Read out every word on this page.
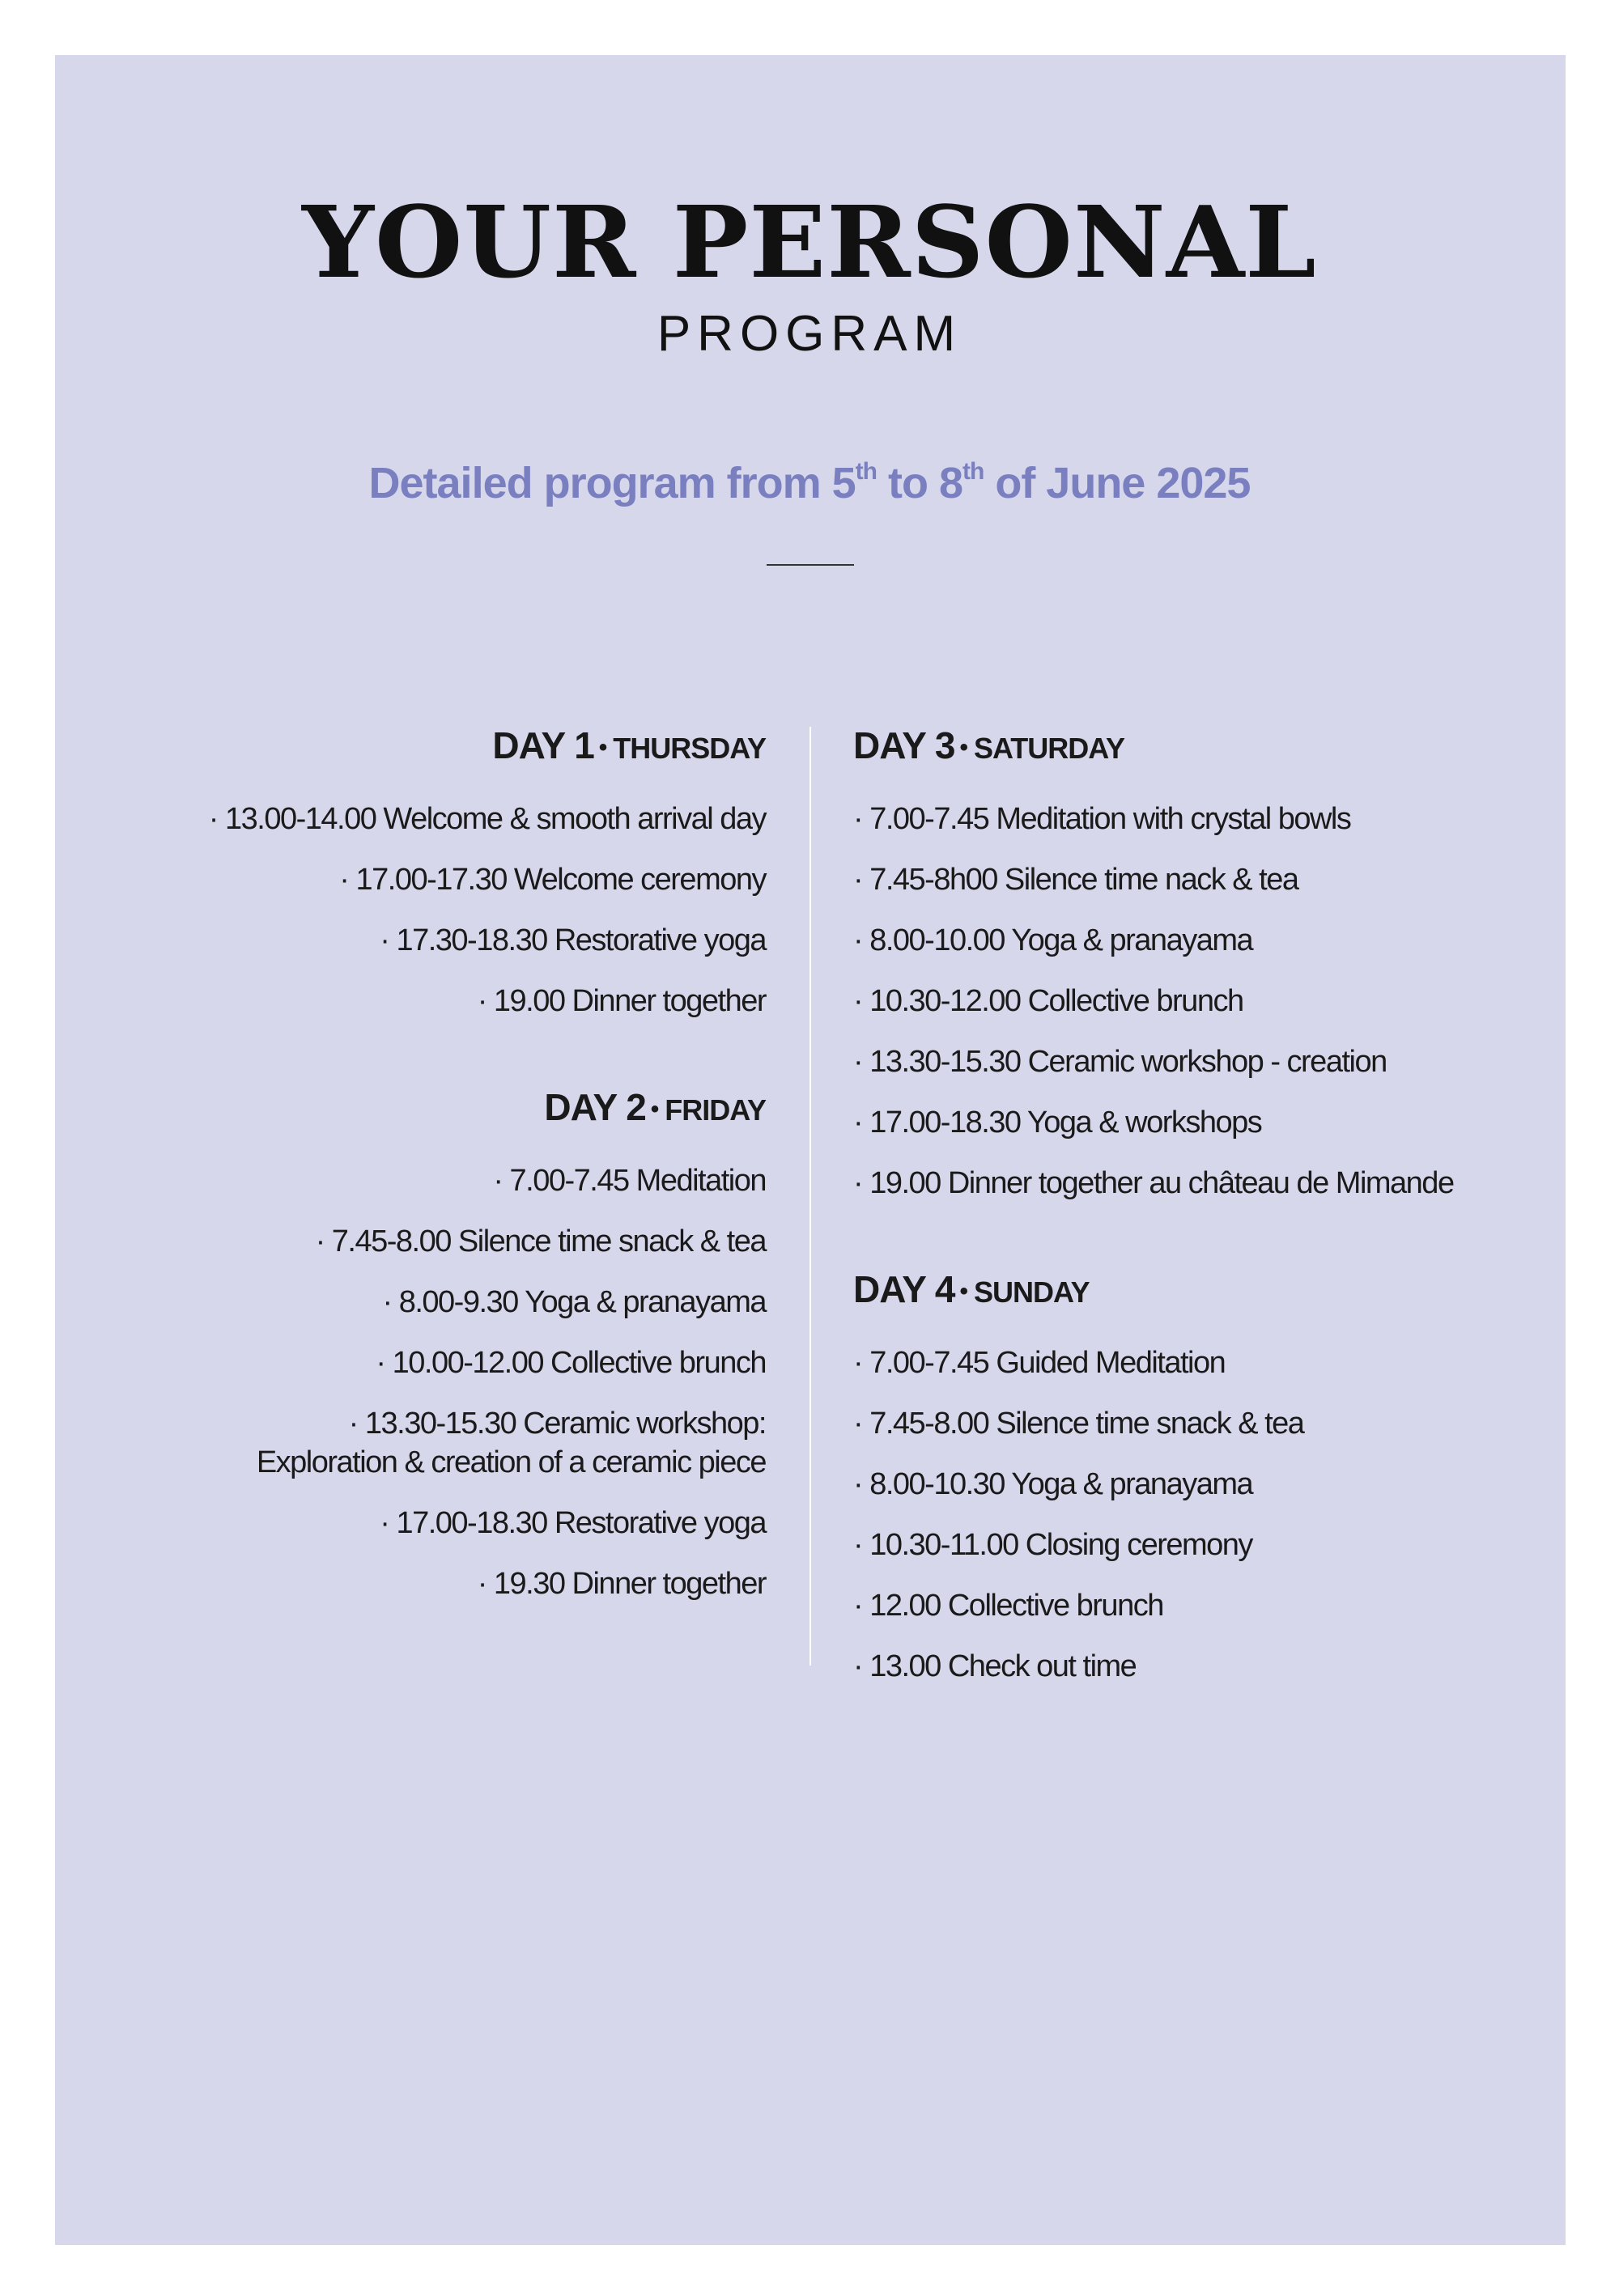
YOUR PERSONAL
PROGRAM
Detailed program from 5th to 8th of June 2025
DAY 1 • THURSDAY
· 13.00-14.00 Welcome & smooth arrival day
· 17.00-17.30 Welcome ceremony
· 17.30-18.30 Restorative yoga
· 19.00 Dinner together
DAY 2 • FRIDAY
· 7.00-7.45 Meditation
· 7.45-8.00 Silence time snack & tea
· 8.00-9.30 Yoga & pranayama
· 10.00-12.00 Collective brunch
· 13.30-15.30 Ceramic workshop:
Exploration & creation of a ceramic piece
· 17.00-18.30 Restorative yoga
· 19.30 Dinner together
DAY 3 • SATURDAY
· 7.00-7.45 Meditation with crystal bowls
· 7.45-8h00 Silence time nack & tea
· 8.00-10.00 Yoga & pranayama
· 10.30-12.00 Collective brunch
· 13.30-15.30 Ceramic workshop - creation
· 17.00-18.30 Yoga & workshops
· 19.00 Dinner together au château de Mimande
DAY 4 • SUNDAY
· 7.00-7.45 Guided Meditation
· 7.45-8.00 Silence time snack & tea
· 8.00-10.30 Yoga & pranayama
· 10.30-11.00 Closing ceremony
· 12.00 Collective brunch
· 13.00 Check out time
